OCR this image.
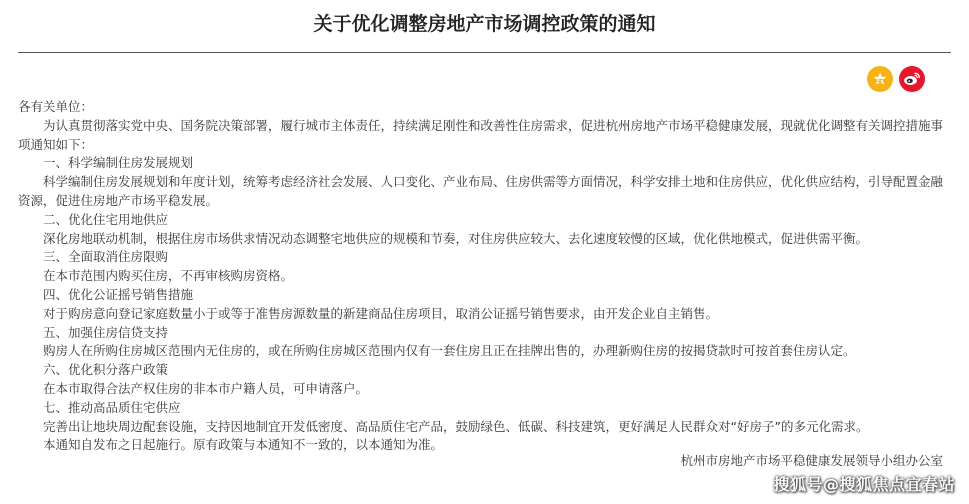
关于优化调整房地产市场调控政策的通知

各有关单位：

为认真贯彻落实党中央、国务院决策部署，履行城市主体责任，持续满足刚性和改善性住房需求，促进杭州房地产市场平稳健康发展，现就优化调整有关调控措施事项通知如下：

一、科学编制住房发展规划

科学编制住房发展规划和年度计划，统筹考虑经济社会发展、人口变化、产业布局、住房供需等方面情况，科学安排土地和住房供应，优化供应结构，引导配置金融资源，促进住房地产市场平稳发展。

二、优化住宅用地供应

深化房地联动机制，根据住房市场供求情况动态调整宅地供应的规模和节奏，对住房供应较大、去化速度较慢的区域，优化供地模式，促进供需平衡。

三、全面取消住房限购

在本市范围内购买住房，不再审核购房资格。

四、优化公证摇号销售措施

对于购房意向登记家庭数量小于或等于准售房源数量的新建商品住房项目，取消公证摇号销售要求，由开发企业自主销售。

五、加强住房信贷支持

购房人在所购住房城区范围内无住房的，或在所购住房城区范围内仅有一套住房且正在挂牌出售的，办理新购住房的按揭贷款时可按首套住房认定。

六、优化积分落户政策

在本市取得合法产权住房的非本市户籍人员，可申请落户。

七、推动高品质住宅供应

完善出让地块周边配套设施，支持因地制宜开发低密度、高品质住宅产品，鼓励绿色、低碳、科技建筑，更好满足人民群众对“好房子”的多元化需求。

本通知自发布之日起施行。原有政策与本通知不一致的，以本通知为准。

杭州市房地产市场平稳健康发展领导小组办公室
搜狐号@搜狐焦点宜春站
